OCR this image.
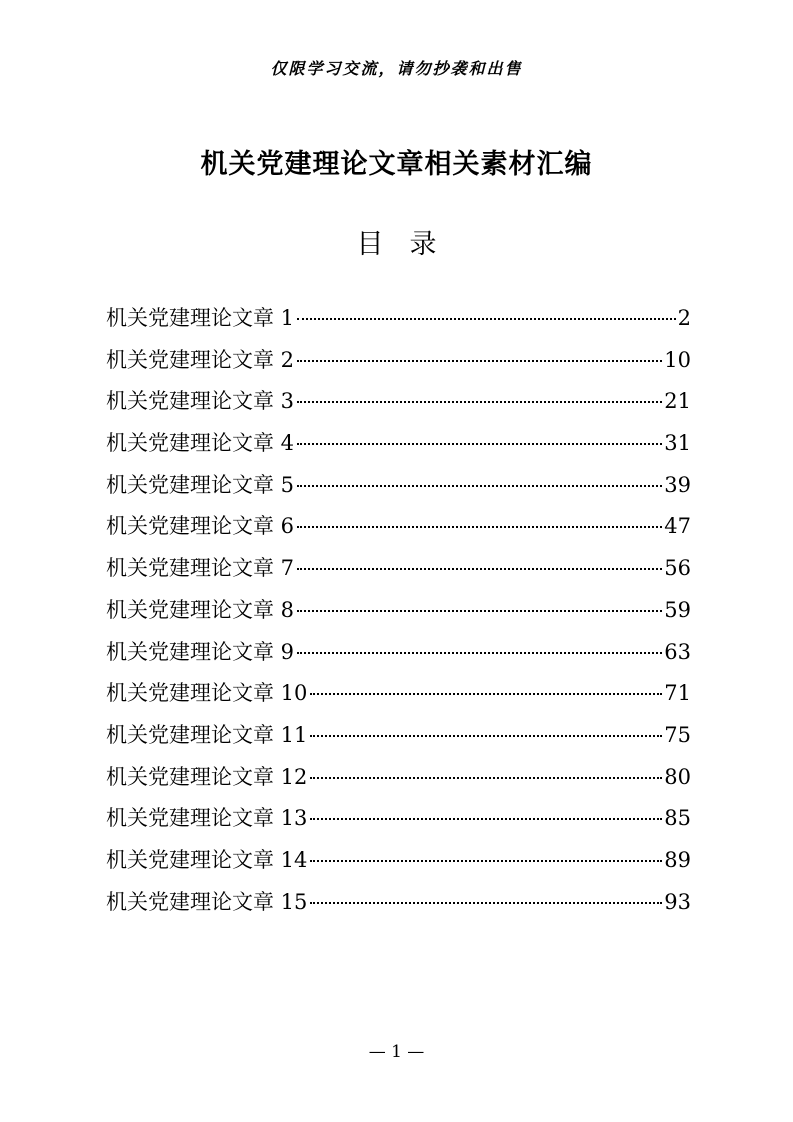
仅限学习交流，请勿抄袭和出售
机关党建理论文章相关素材汇编
目录
机关党建理论文章 1	2
机关党建理论文章 2	10
机关党建理论文章 3	21
机关党建理论文章 4	31
机关党建理论文章 5	39
机关党建理论文章 6	47
机关党建理论文章 7	56
机关党建理论文章 8	59
机关党建理论文章 9	63
机关党建理论文章 10	71
机关党建理论文章 11	75
机关党建理论文章 12	80
机关党建理论文章 13	85
机关党建理论文章 14	89
机关党建理论文章 15	93
— 1 —
